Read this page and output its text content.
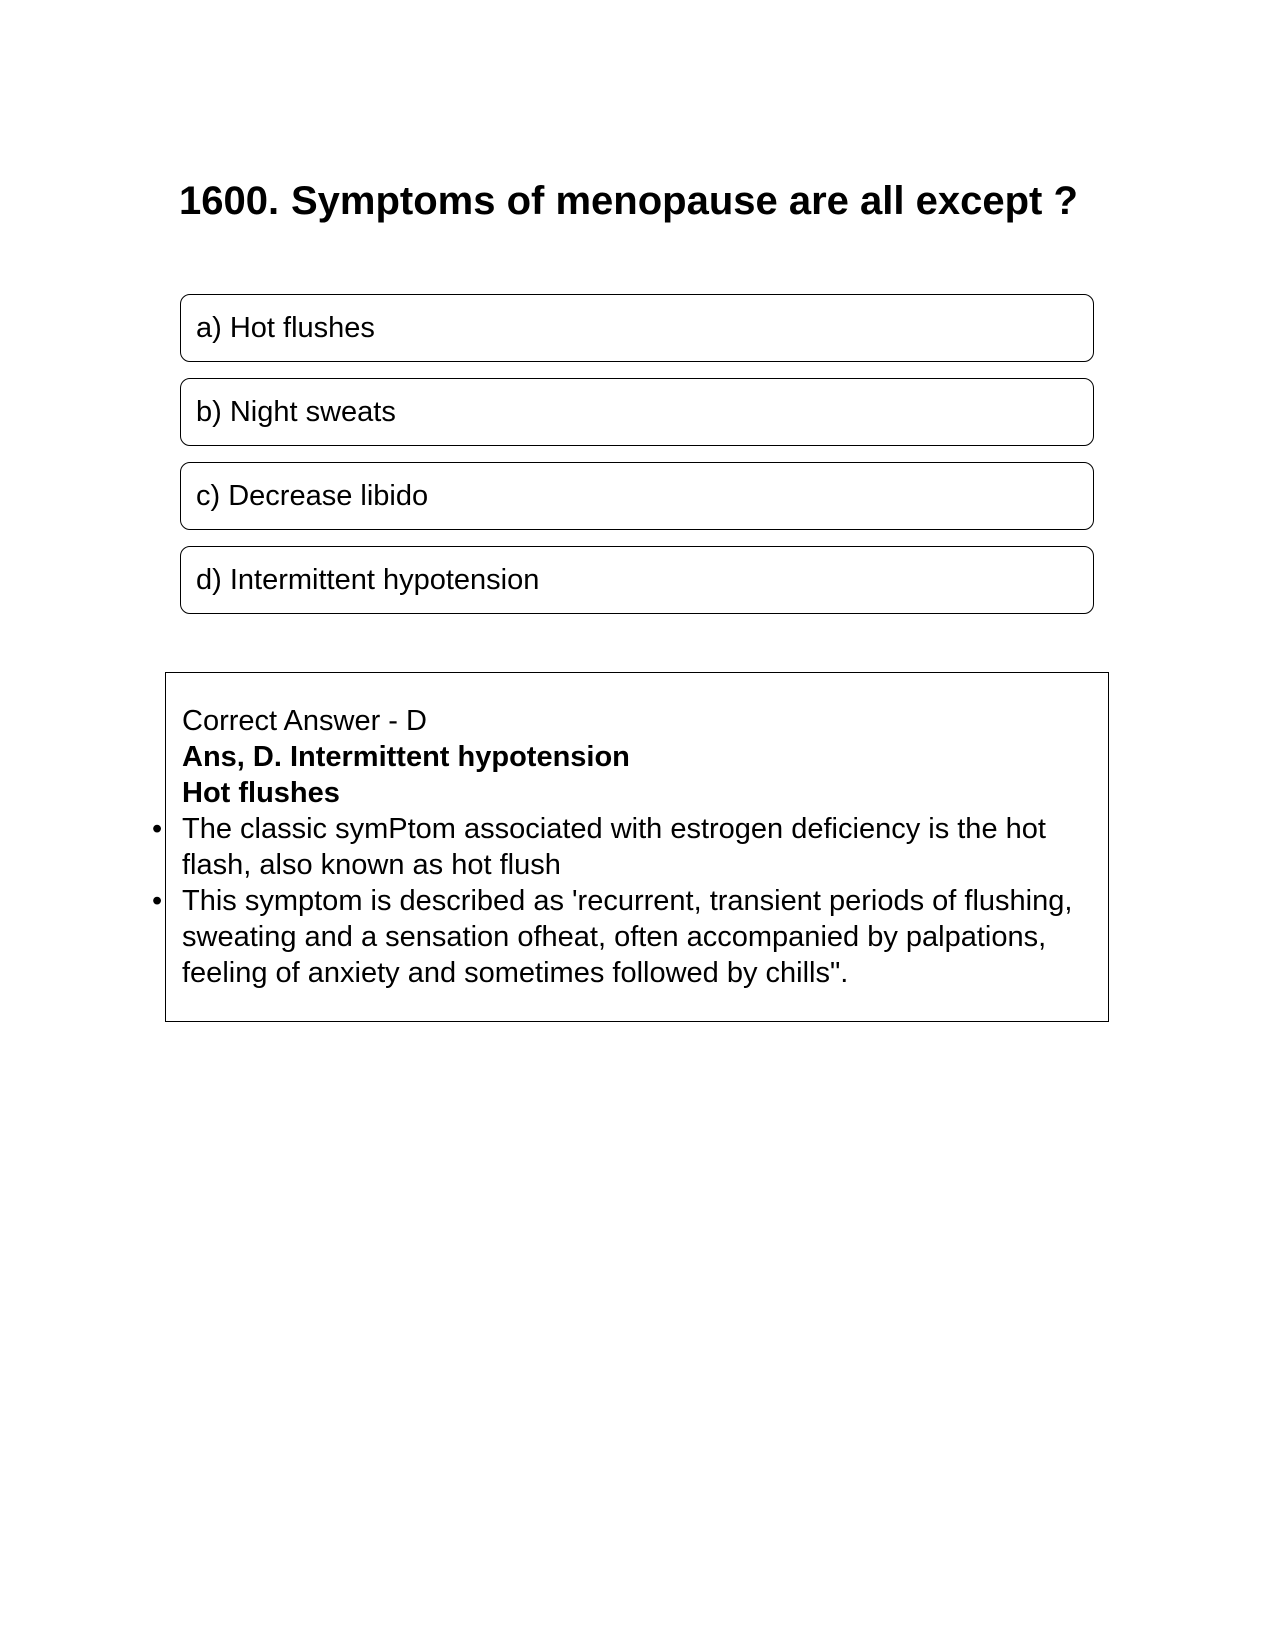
1600. Symptoms of menopause are all except ?
a) Hot flushes
b) Night sweats
c) Decrease libido
d) Intermittent hypotension
Correct Answer - D
Ans, D. Intermittent hypotension
Hot flushes
• The classic symPtom associated with estrogen deficiency is the hot flash, also known as hot flush
• This symptom is described as 'recurrent, transient periods of flushing, sweating and a sensation ofheat, often accompanied by palpations, feeling of anxiety and sometimes followed by chills".
